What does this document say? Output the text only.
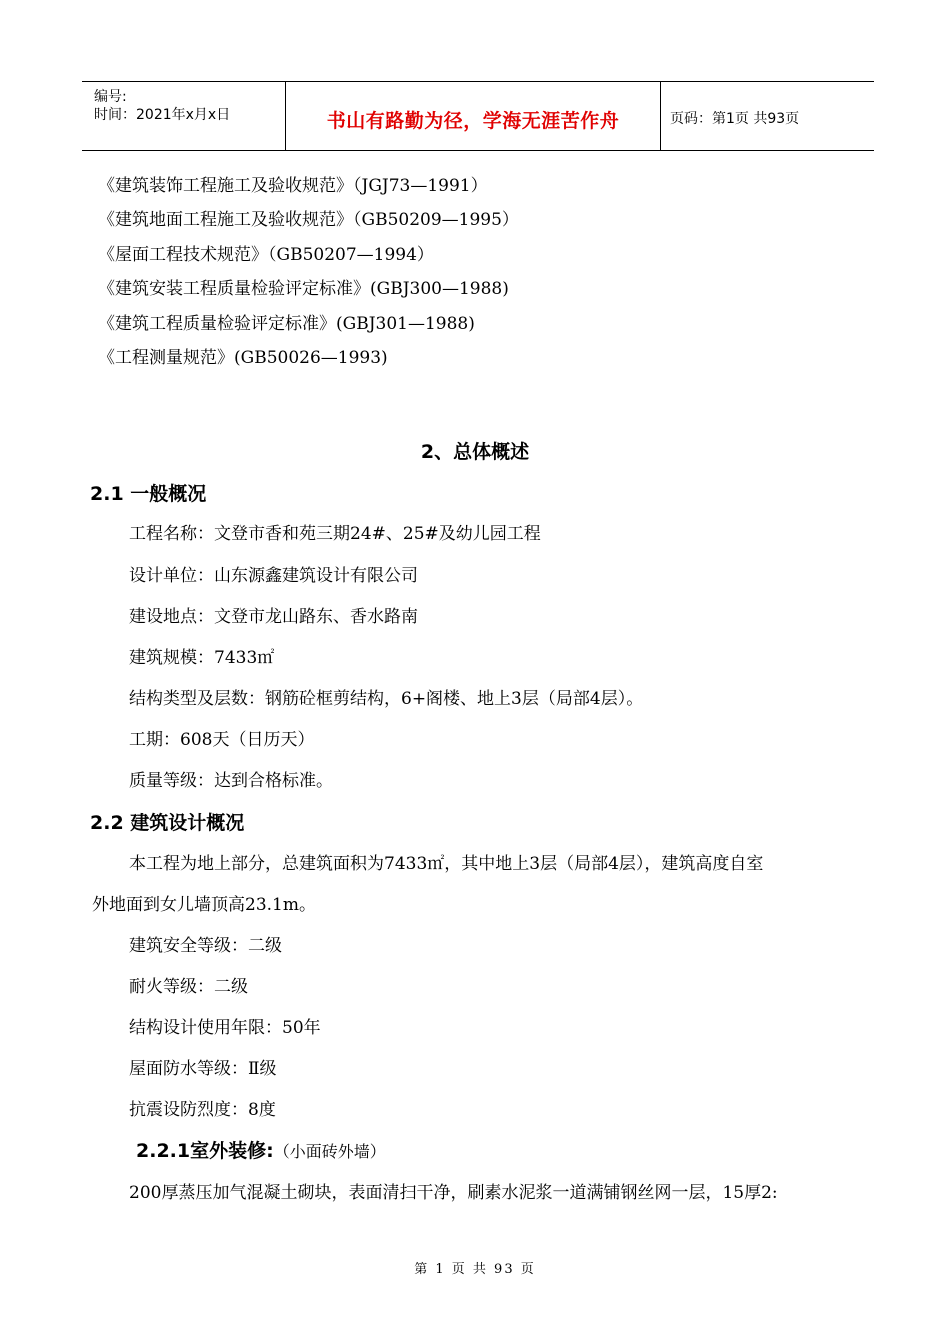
编号:
时间：2021年x月x日	书山有路勤为径，学海无涯苦作舟	页码：第1页 共93页
《建筑装饰工程施工及验收规范》（JGJ73—1991）
《建筑地面工程施工及验收规范》（GB50209—1995）
《屋面工程技术规范》（GB50207—1994）
《建筑安装工程质量检验评定标准》(GBJ300—1988)
《建筑工程质量检验评定标准》(GBJ301—1988)
《工程测量规范》(GB50026—1993)
2、总体概述
2.1 一般概况
工程名称：文登市香和苑三期24#、25#及幼儿园工程
设计单位：山东源鑫建筑设计有限公司
建设地点：文登市龙山路东、香水路南
建筑规模：7433㎡
结构类型及层数：钢筋砼框剪结构，6+阁楼、地上3层（局部4层）。
工期：608天（日历天）
质量等级：达到合格标准。
2.2 建筑设计概况
本工程为地上部分，总建筑面积为7433㎡，其中地上3层（局部4层），建筑高度自室
外地面到女儿墙顶高23.1m。
建筑安全等级：二级
耐火等级：二级
结构设计使用年限：50年
屋面防水等级：Ⅱ级
抗震设防烈度：8度
2.2.1室外装修:（小面砖外墙）
200厚蒸压加气混凝土砌块，表面清扫干净，刷素水泥浆一道满铺钢丝网一层，15厚2:
第 1 页 共 93 页
